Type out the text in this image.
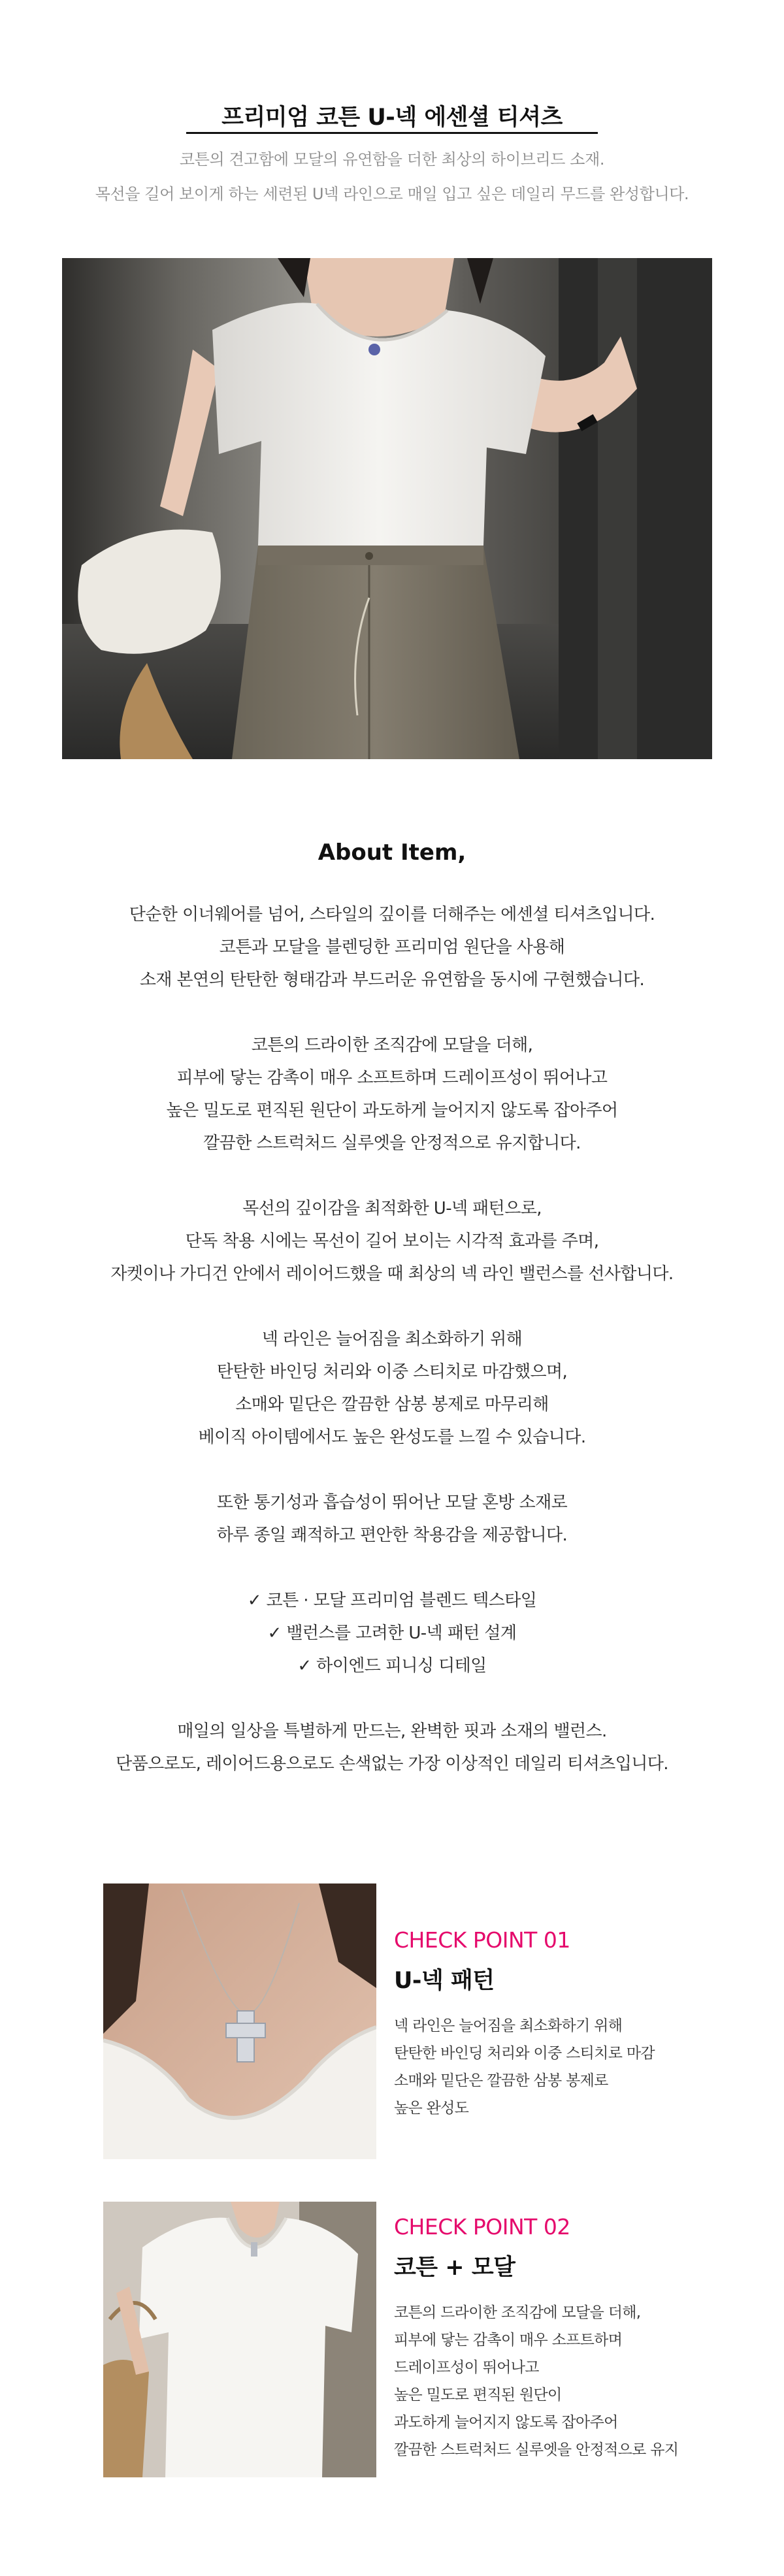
프리미엄 코튼 U-넥 에센셜 티셔츠
코튼의 견고함에 모달의 유연함을 더한 최상의 하이브리드 소재.
목선을 길어 보이게 하는 세련된 U넥 라인으로 매일 입고 싶은 데일리 무드를 완성합니다.
About Item,
단순한 이너웨어를 넘어, 스타일의 깊이를 더해주는 에센셜 티셔츠입니다.
코튼과 모달을 블렌딩한 프리미엄 원단을 사용해
소재 본연의 탄탄한 형태감과 부드러운 유연함을 동시에 구현했습니다.
코튼의 드라이한 조직감에 모달을 더해,
피부에 닿는 감촉이 매우 소프트하며 드레이프성이 뛰어나고
높은 밀도로 편직된 원단이 과도하게 늘어지지 않도록 잡아주어
깔끔한 스트럭처드 실루엣을 안정적으로 유지합니다.
목선의 깊이감을 최적화한 U-넥 패턴으로,
단독 착용 시에는 목선이 길어 보이는 시각적 효과를 주며,
자켓이나 가디건 안에서 레이어드했을 때 최상의 넥 라인 밸런스를 선사합니다.
넥 라인은 늘어짐을 최소화하기 위해
탄탄한 바인딩 처리와 이중 스티치로 마감했으며,
소매와 밑단은 깔끔한 삼봉 봉제로 마무리해
베이직 아이템에서도 높은 완성도를 느낄 수 있습니다.
또한 통기성과 흡습성이 뛰어난 모달 혼방 소재로
하루 종일 쾌적하고 편안한 착용감을 제공합니다.
✓ 코튼 · 모달 프리미엄 블렌드 텍스타일
✓ 밸런스를 고려한 U-넥 패턴 설계
✓ 하이엔드 피니싱 디테일
매일의 일상을 특별하게 만드는, 완벽한 핏과 소재의 밸런스.
단품으로도, 레이어드용으로도 손색없는 가장 이상적인 데일리 티셔츠입니다.
CHECK POINT 01
U-넥 패턴
넥 라인은 늘어짐을 최소화하기 위해
탄탄한 바인딩 처리와 이중 스티치로 마감
소매와 밑단은 깔끔한 삼봉 봉제로
높은 완성도
CHECK POINT 02
코튼 + 모달
코튼의 드라이한 조직감에 모달을 더해,
피부에 닿는 감촉이 매우 소프트하며
드레이프성이 뛰어나고
높은 밀도로 편직된 원단이
과도하게 늘어지지 않도록 잡아주어
깔끔한 스트럭처드 실루엣을 안정적으로 유지
